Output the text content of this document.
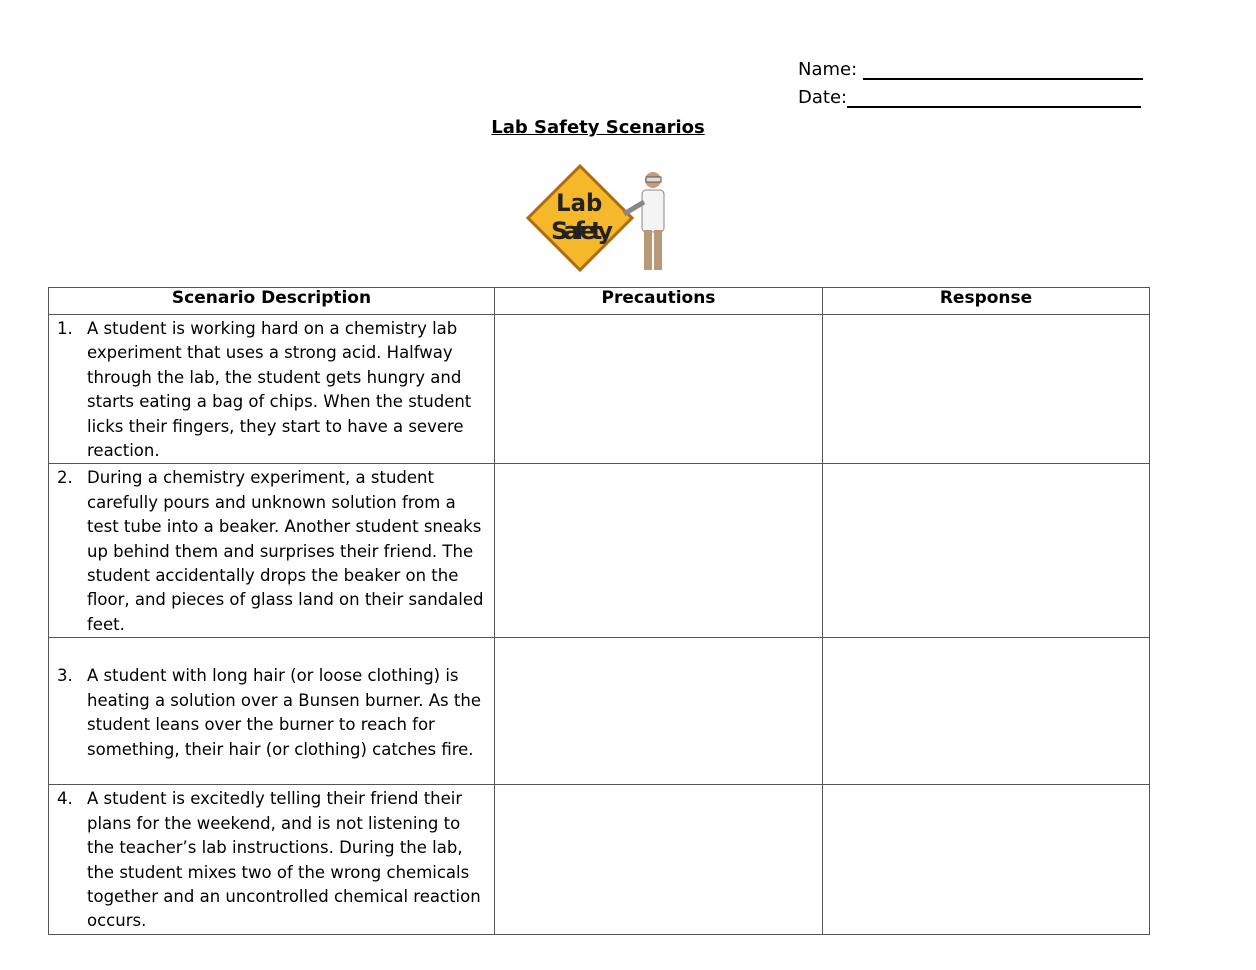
Name:
Date:
Lab Safety Scenarios
Lab
Safety
Scenario Description	Precautions	Response

1. A student is working hard on a chemistry lab experiment that uses a strong acid. Halfway through the lab, the student gets hungry and starts eating a bag of chips. When the student licks their fingers, they start to have a severe reaction.		

2. During a chemistry experiment, a student carefully pours and unknown solution from a test tube into a beaker. Another student sneaks up behind them and surprises their friend. The student accidentally drops the beaker on the floor, and pieces of glass land on their sandaled feet.		

3. A student with long hair (or loose clothing) is heating a solution over a Bunsen burner. As the student leans over the burner to reach for something, their hair (or clothing) catches fire.		

4. A student is excitedly telling their friend their plans for the weekend, and is not listening to the teacher’s lab instructions. During the lab, the student mixes two of the wrong chemicals together and an uncontrolled chemical reaction occurs.		
